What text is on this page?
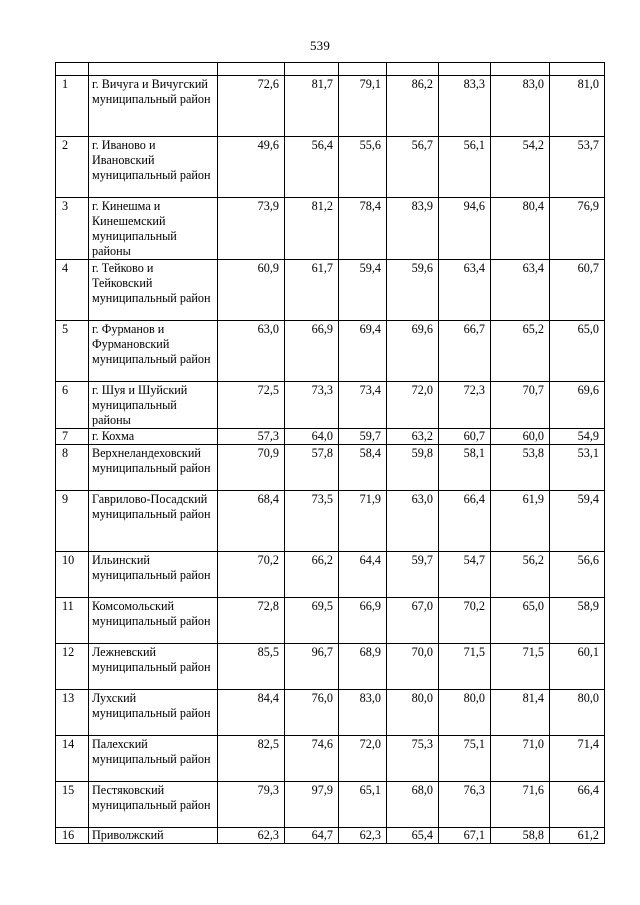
539

1	г. Вичуга и Вичугский муниципальный район	72,6	81,7	79,1	86,2	83,3	83,0	81,0
2	г. Иваново и Ивановский муниципальный район	49,6	56,4	55,6	56,7	56,1	54,2	53,7
3	г. Кинешма и Кинешемский муниципальный районы	73,9	81,2	78,4	83,9	94,6	80,4	76,9
4	г. Тейково и Тейковский муниципальный район	60,9	61,7	59,4	59,6	63,4	63,4	60,7
5	г. Фурманов и Фурмановский муниципальный район	63,0	66,9	69,4	69,6	66,7	65,2	65,0
6	г. Шуя и Шуйский муниципальный районы	72,5	73,3	73,4	72,0	72,3	70,7	69,6
7	г. Кохма	57,3	64,0	59,7	63,2	60,7	60,0	54,9
8	Верхнеландеховский муниципальный район	70,9	57,8	58,4	59,8	58,1	53,8	53,1
9	Гаврилово-Посадский муниципальный район	68,4	73,5	71,9	63,0	66,4	61,9	59,4
10	Ильинский муниципальный район	70,2	66,2	64,4	59,7	54,7	56,2	56,6
11	Комсомольский муниципальный район	72,8	69,5	66,9	67,0	70,2	65,0	58,9
12	Лежневский муниципальный район	85,5	96,7	68,9	70,0	71,5	71,5	60,1
13	Лухский муниципальный район	84,4	76,0	83,0	80,0	80,0	81,4	80,0
14	Палехский муниципальный район	82,5	74,6	72,0	75,3	75,1	71,0	71,4
15	Пестяковский муниципальный район	79,3	97,9	65,1	68,0	76,3	71,6	66,4
16	Приволжский	62,3	64,7	62,3	65,4	67,1	58,8	61,2
